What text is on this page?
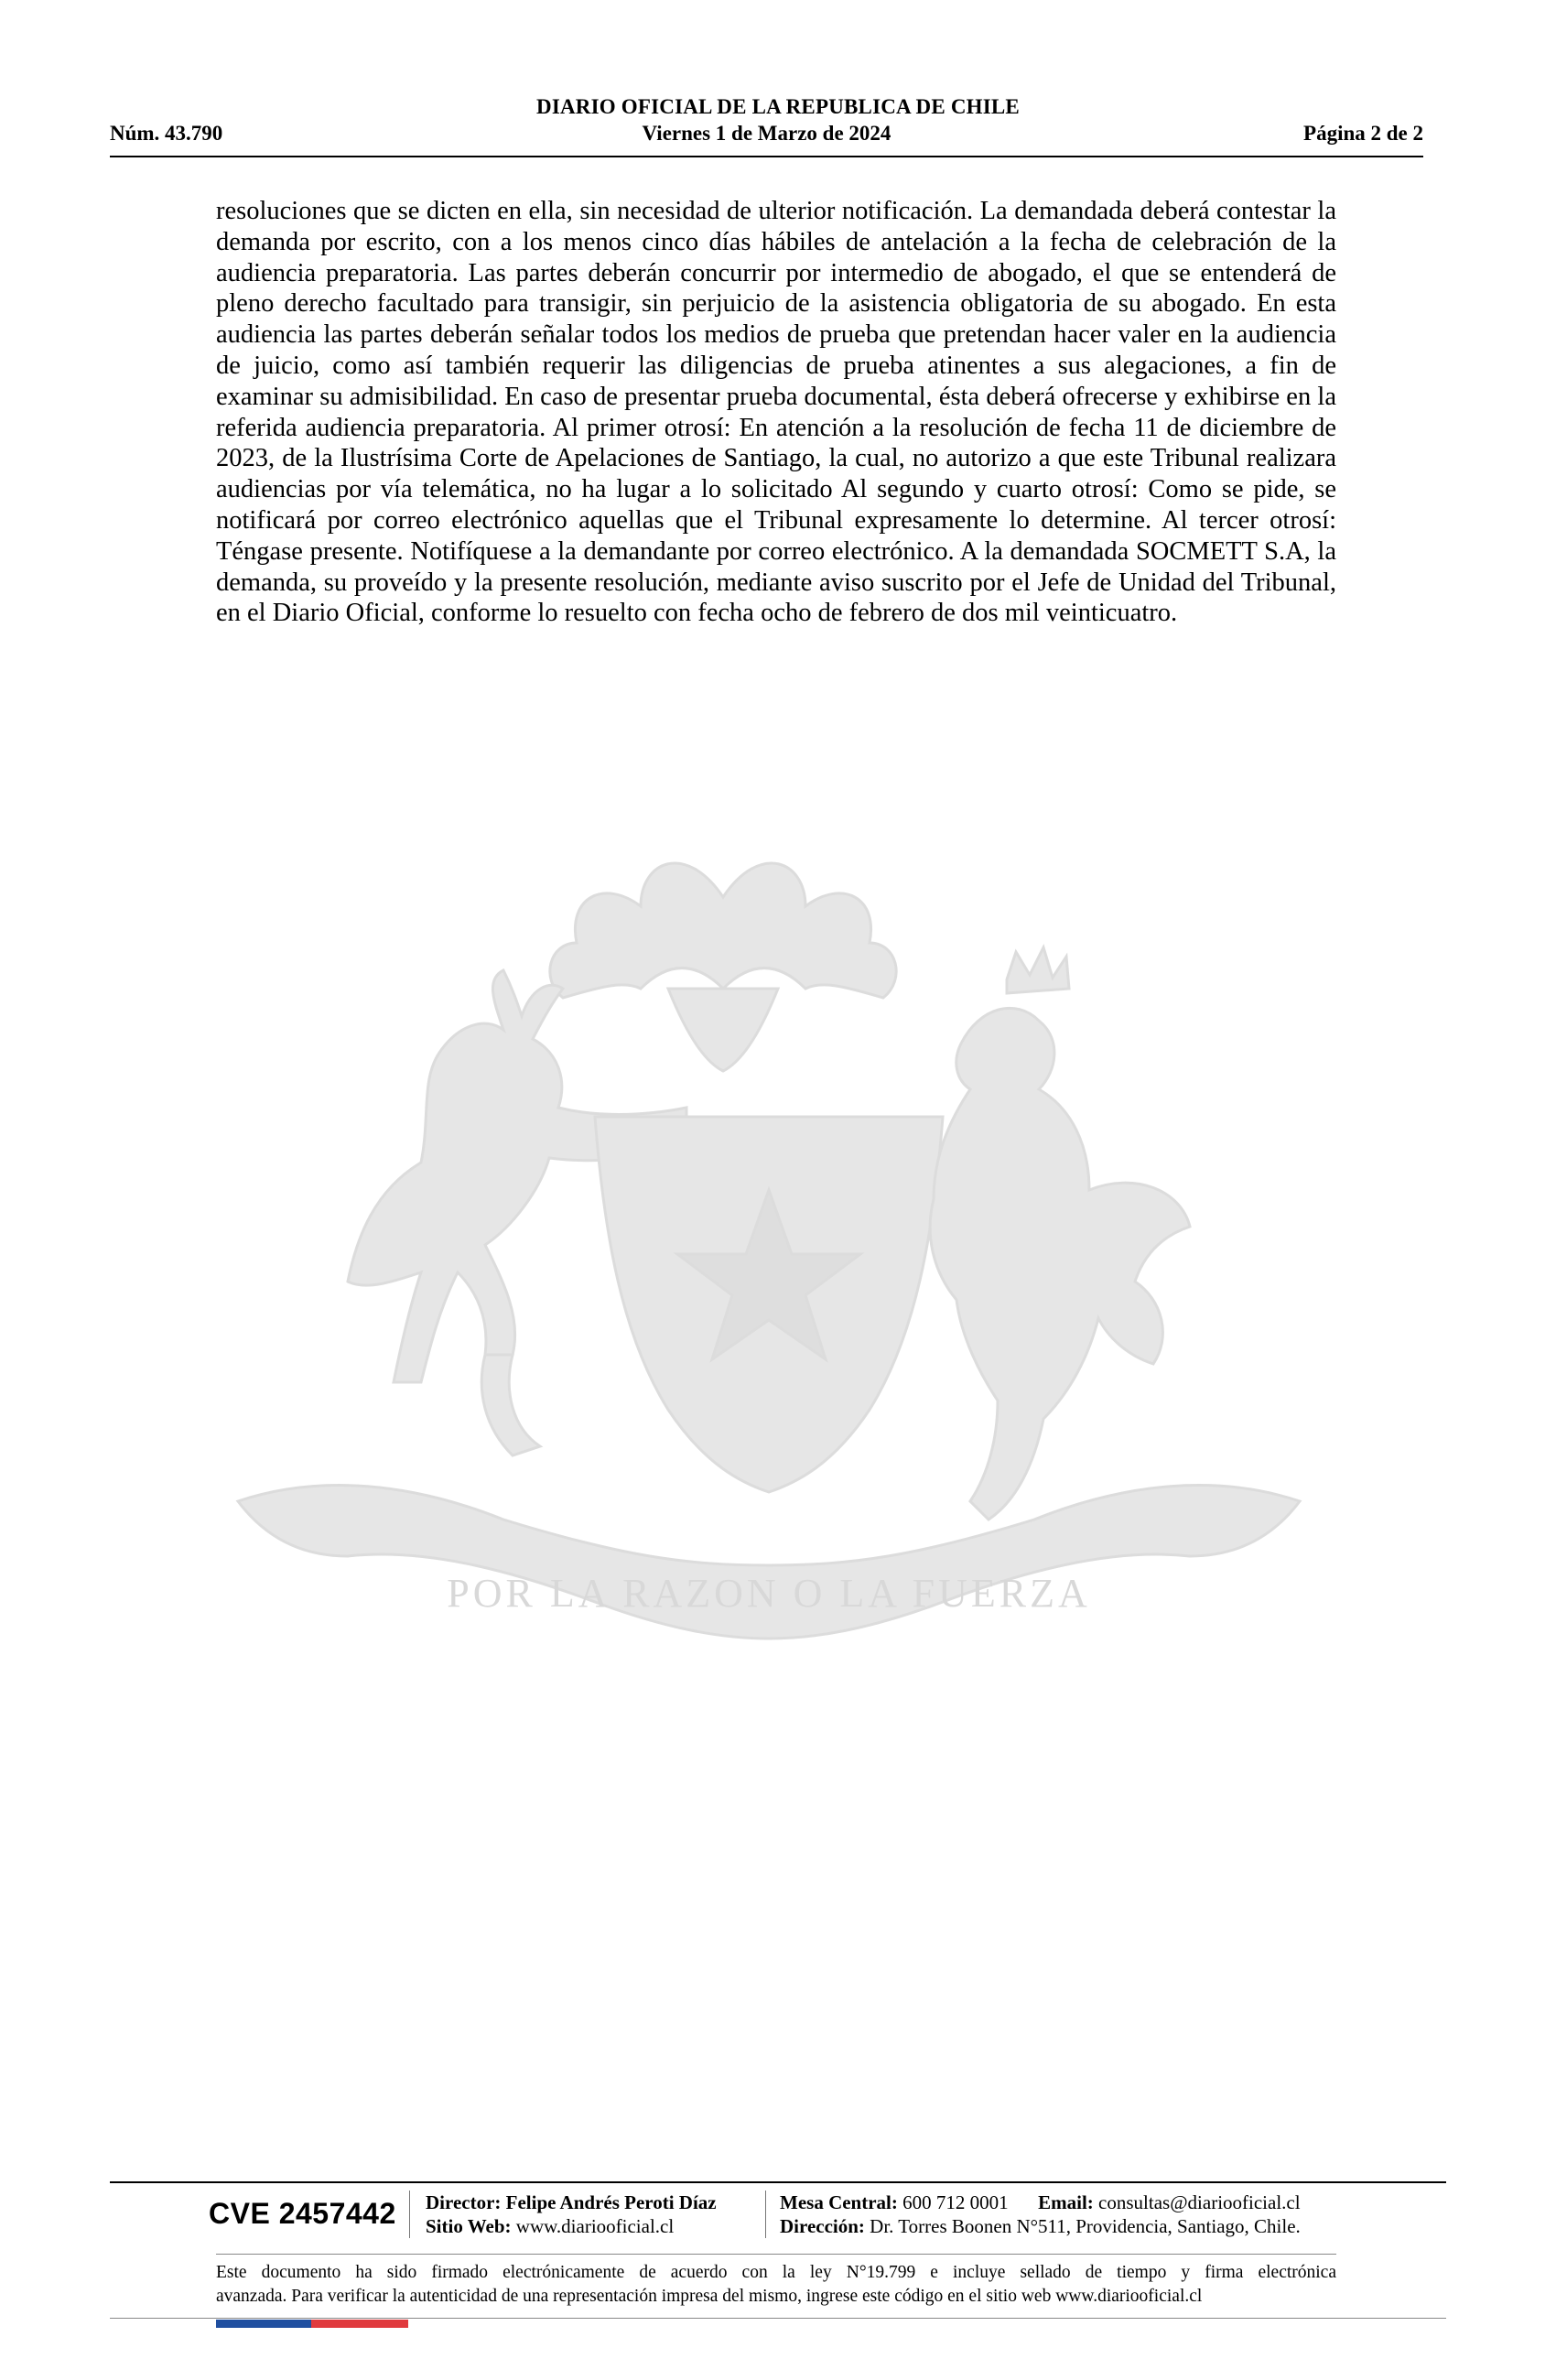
DIARIO OFICIAL DE LA REPUBLICA DE CHILE
Núm. 43.790	Viernes 1 de Marzo de 2024	Página 2 de 2
POR LA RAZON O LA FUERZA
resoluciones que se dicten en ella, sin necesidad de ulterior notificación. La demandada deberá contestar la demanda por escrito, con a los menos cinco días hábiles de antelación a la fecha de celebración de la audiencia preparatoria. Las partes deberán concurrir por intermedio de abogado, el que se entenderá de pleno derecho facultado para transigir, sin perjuicio de la asistencia obligatoria de su abogado. En esta audiencia las partes deberán señalar todos los medios de prueba que pretendan hacer valer en la audiencia de juicio, como así también requerir las diligencias de prueba atinentes a sus alegaciones, a fin de examinar su admisibilidad. En caso de presentar prueba documental, ésta deberá ofrecerse y exhibirse en la referida audiencia preparatoria. Al primer otrosí: En atención a la resolución de fecha 11 de diciembre de 2023, de la Ilustrísima Corte de Apelaciones de Santiago, la cual, no autorizo a que este Tribunal realizara audiencias por vía telemática, no ha lugar a lo solicitado Al segundo y cuarto otrosí: Como se pide, se notificará por correo electrónico aquellas que el Tribunal expresamente lo determine. Al tercer otrosí: Téngase presente. Notifíquese a la demandante por correo electrónico. A la demandada SOCMETT S.A, la demanda, su proveído y la presente resolución, mediante aviso suscrito por el Jefe de Unidad del Tribunal, en el Diario Oficial, conforme lo resuelto con fecha ocho de febrero de dos mil veinticuatro.
CVE 2457442 Director: Felipe Andrés Peroti Díaz
Sitio Web: www.diariooficial.cl
Mesa Central: 600 712 0001 Email: consultas@diariooficial.cl
Dirección: Dr. Torres Boonen N°511, Providencia, Santiago, Chile.
Este documento ha sido firmado electrónicamente de acuerdo con la ley N°19.799 e incluye sellado de tiempo y firma electrónica
avanzada. Para verificar la autenticidad de una representación impresa del mismo, ingrese este código en el sitio web www.diariooficial.cl
